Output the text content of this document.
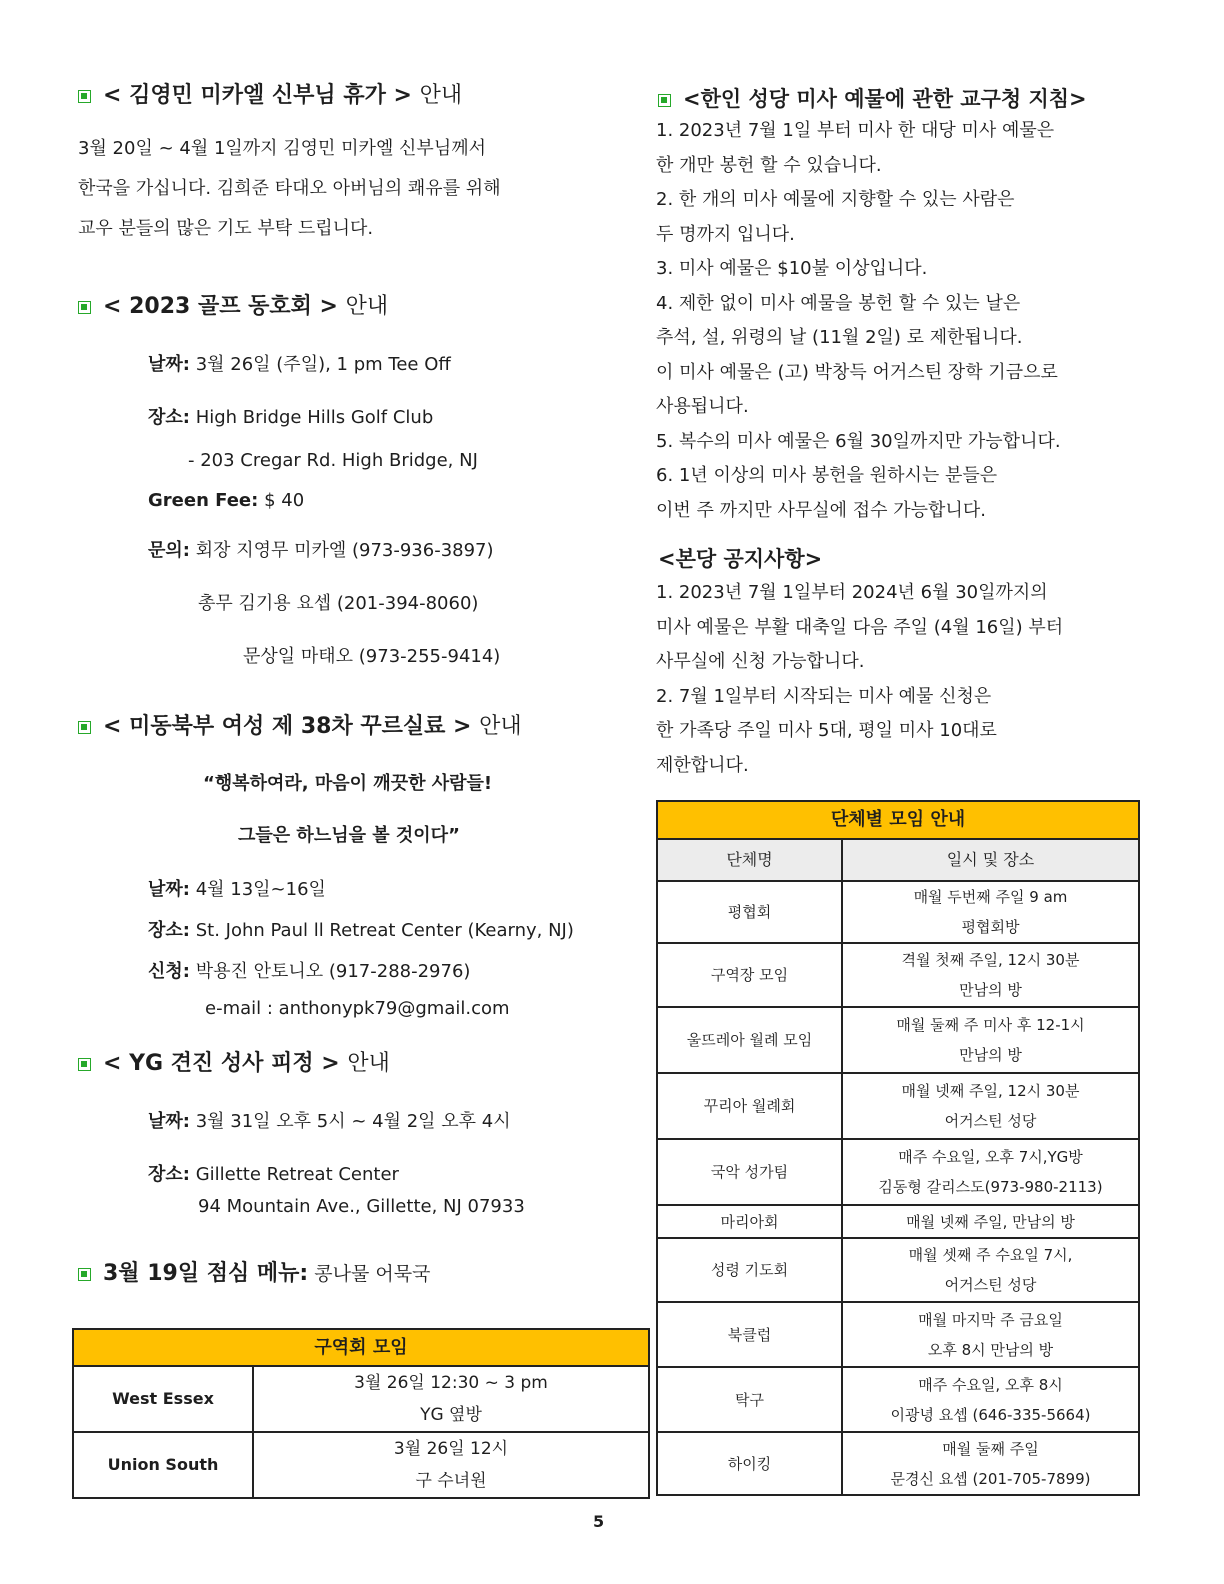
< 김영민 미카엘 신부님 휴가 > 안내
3월 20일 ~ 4월 1일까지 김영민 미카엘 신부님께서
한국을 가십니다. 김희준 타대오 아버님의 쾌유를 위해
교우 분들의 많은 기도 부탁 드립니다.
< 2023 골프 동호회 > 안내
날짜: 3월 26일 (주일), 1 pm Tee Off
장소: High Bridge Hills Golf Club
- 203 Cregar Rd. High Bridge, NJ
Green Fee: $ 40
문의: 회장 지영무 미카엘 (973-936-3897)
총무 김기용 요셉 (201-394-8060)
문상일 마태오 (973-255-9414)
< 미동북부 여성 제 38차 꾸르실료 > 안내
“행복하여라, 마음이 깨끗한 사람들!
그들은 하느님을 볼 것이다”
날짜: 4월 13일~16일
장소: St. John Paul ll Retreat Center (Kearny, NJ)
신청: 박용진 안토니오 (917-288-2976)
e-mail : anthonypk79@gmail.com
< YG 견진 성사 피정 > 안내
날짜: 3월 31일 오후 5시 ~ 4월 2일 오후 4시
장소: Gillette Retreat Center
94 Mountain Ave., Gillette, NJ 07933
3월 19일 점심 메뉴: 콩나물 어묵국
구역회 모임	
West Essex	3월 26일 12:30 ~ 3 pm
YG 옆방

Union South	3월 26일 12시
구 수녀원
<한인 성당 미사 예물에 관한 교구청 지침>
1. 2023년 7월 1일 부터 미사 한 대당 미사 예물은
한 개만 봉헌 할 수 있습니다.
2. 한 개의 미사 예물에 지향할 수 있는 사람은
두 명까지 입니다.
3. 미사 예물은 $10불 이상입니다.
4. 제한 없이 미사 예물을 봉헌 할 수 있는 날은
추석, 설, 위령의 날 (11월 2일) 로 제한됩니다.
이 미사 예물은 (고) 박창득 어거스틴 장학 기금으로
사용됩니다.
5. 복수의 미사 예물은 6월 30일까지만 가능합니다.
6. 1년 이상의 미사 봉헌을 원하시는 분들은
이번 주 까지만 사무실에 접수 가능합니다.
<본당 공지사항>
1. 2023년 7월 1일부터 2024년 6월 30일까지의
미사 예물은 부활 대축일 다음 주일 (4월 16일) 부터
사무실에 신청 가능합니다.
2. 7월 1일부터 시작되는 미사 예물 신청은
한 가족당 주일 미사 5대, 평일 미사 10대로
제한합니다.
단체별 모임 안내	
단체명	일시 및 장소
평협회	매월 두번째 주일 9 am
평협회방

구역장 모임	격월 첫째 주일, 12시 30분
만남의 방

울뜨레아 월례 모임	매월 둘째 주 미사 후 12-1시
만남의 방

꾸리아 월례회	매월 넷째 주일, 12시 30분
어거스틴 성당

국악 성가팀	매주 수요일, 오후 7시,YG방
김동형 갈리스도(973-980-2113)

마리아회	매월 넷째 주일, 만남의 방

성령 기도회	매월 셋째 주 수요일 7시,
어거스틴 성당

북클럽	매월 마지막 주 금요일
오후 8시 만남의 방

탁구	매주 수요일, 오후 8시
이광녕 요셉 (646-335-5664)

하이킹	매월 둘째 주일
문경신 요셉 (201-705-7899)
5
